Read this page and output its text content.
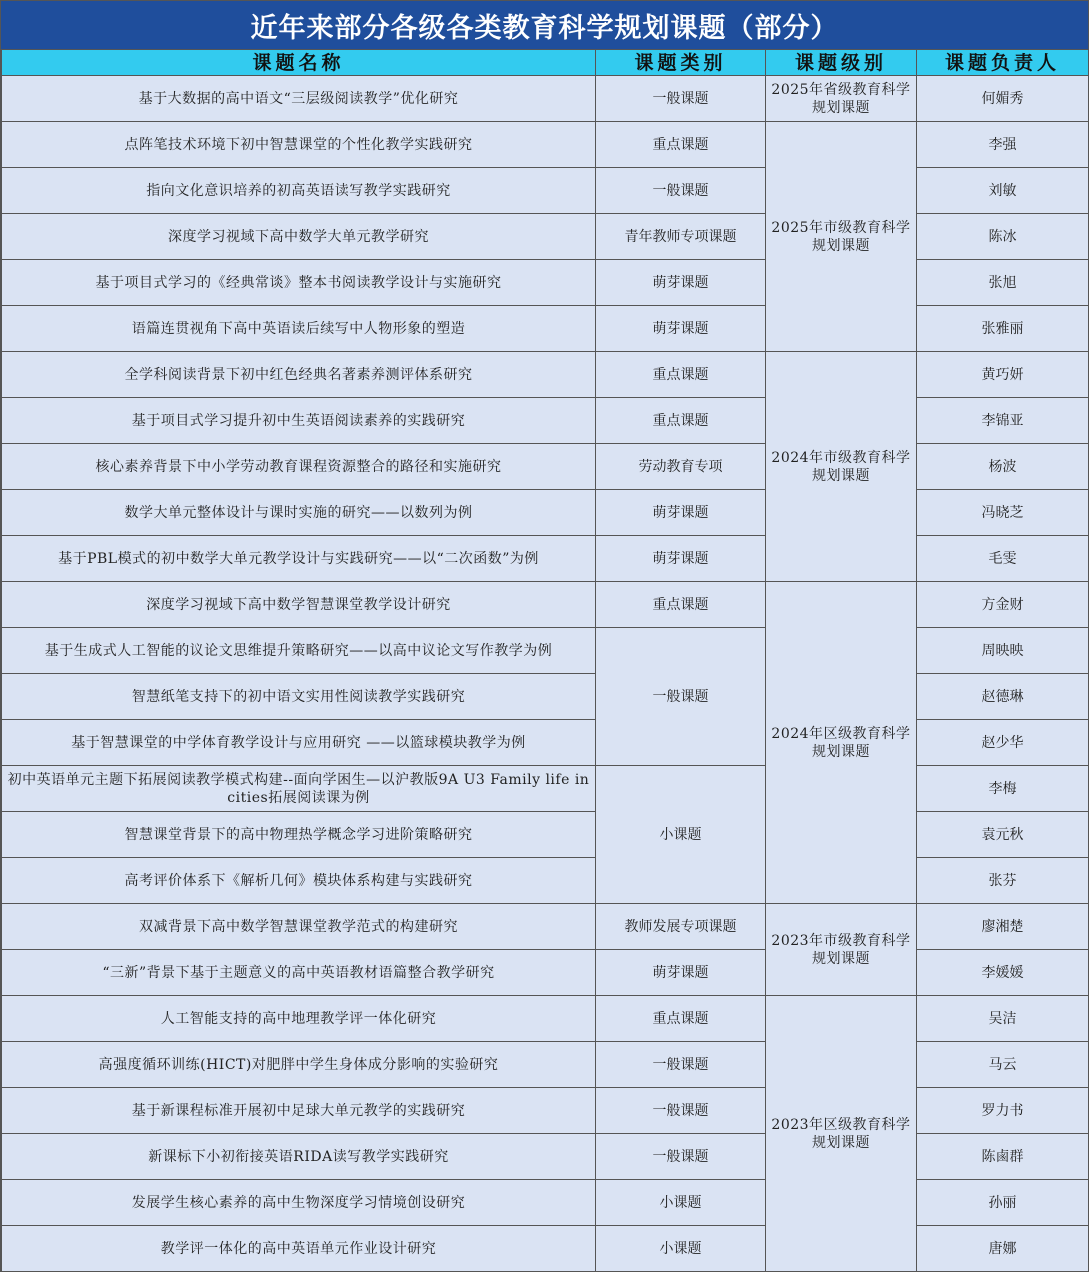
近年来部分各级各类教育科学规划课题（部分）
课题名称	课题类别	课题级别	课题负责人
基于大数据的高中语文“三层级阅读教学”优化研究	一般课题	2025年省级教育科学规划课题	何媚秀
点阵笔技术环境下初中智慧课堂的个性化教学实践研究	重点课题	2025年市级教育科学规划课题	李强
指向文化意识培养的初高英语读写教学实践研究	一般课题		刘敏
深度学习视域下高中数学大单元教学研究	青年教师专项课题		陈冰
基于项目式学习的《经典常谈》整本书阅读教学设计与实施研究	萌芽课题		张旭
语篇连贯视角下高中英语读后续写中人物形象的塑造	萌芽课题		张雅丽
全学科阅读背景下初中红色经典名著素养测评体系研究	重点课题	2024年市级教育科学规划课题	黄巧妍
基于项目式学习提升初中生英语阅读素养的实践研究	重点课题		李锦亚
核心素养背景下中小学劳动教育课程资源整合的路径和实施研究	劳动教育专项		杨波
数学大单元整体设计与课时实施的研究——以数列为例	萌芽课题		冯晓芝
基于PBL模式的初中数学大单元教学设计与实践研究——以“二次函数”为例	萌芽课题		毛雯
深度学习视域下高中数学智慧课堂教学设计研究	重点课题	2024年区级教育科学规划课题	方金财
基于生成式人工智能的议论文思维提升策略研究——以高中议论文写作教学为例	一般课题		周映映
智慧纸笔支持下的初中语文实用性阅读教学实践研究			赵德琳
基于智慧课堂的中学体育教学设计与应用研究 ——以篮球模块教学为例			赵少华
初中英语单元主题下拓展阅读教学模式构建--面向学困生—以沪教版9A U3 Family life in cities拓展阅读课为例	小课题		李梅
智慧课堂背景下的高中物理热学概念学习进阶策略研究			袁元秋
高考评价体系下《解析几何》模块体系构建与实践研究			张芬
双减背景下高中数学智慧课堂教学范式的构建研究	教师发展专项课题	2023年市级教育科学规划课题	廖湘楚
“三新”背景下基于主题意义的高中英语教材语篇整合教学研究	萌芽课题		李媛媛
人工智能支持的高中地理教学评一体化研究	重点课题	2023年区级教育科学规划课题	吴洁
高强度循环训练(HICT)对肥胖中学生身体成分影响的实验研究	一般课题		马云
基于新课程标准开展初中足球大单元教学的实践研究	一般课题		罗力书
新课标下小初衔接英语RIDA读写教学实践研究	一般课题		陈鹵群
发展学生核心素养的高中生物深度学习情境创设研究	小课题		孙丽
教学评一体化的高中英语单元作业设计研究	小课题		唐娜
